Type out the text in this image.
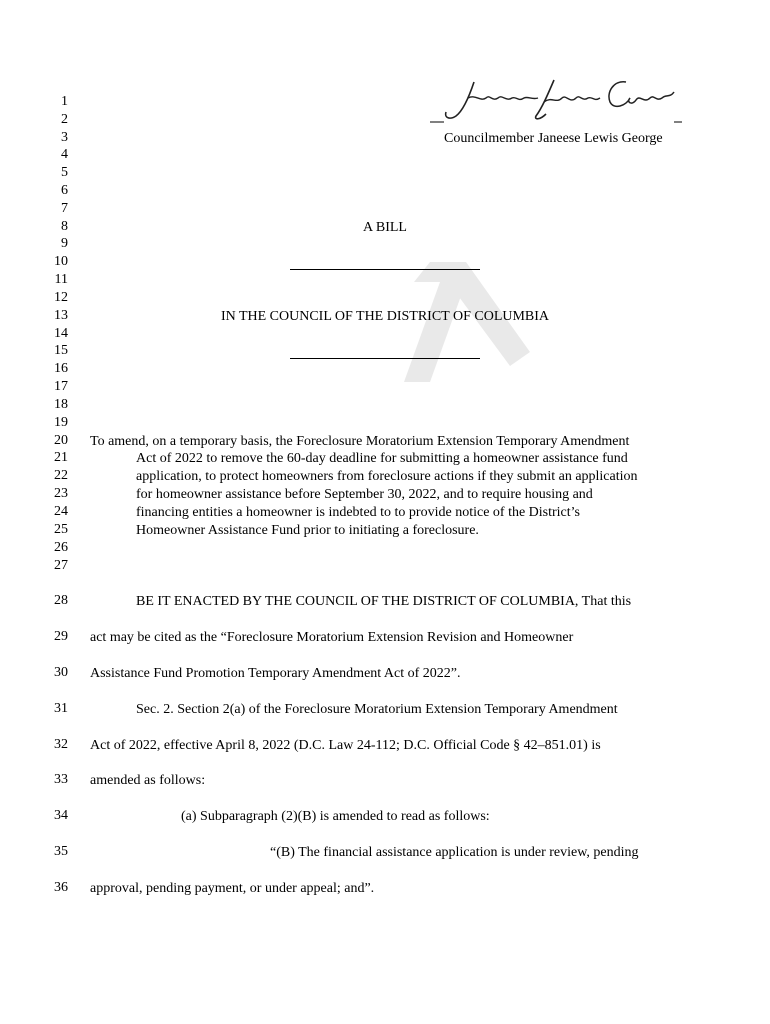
1
2
3
4
5
6
7
8
9
10
11
12
13
14
15
16
17
18
19
20
21
22
23
24
25
26
27
28
29
30
31
32
33
34
35
36
Councilmember Janeese Lewis George
A BILL
IN THE COUNCIL OF THE DISTRICT OF COLUMBIA
To amend, on a temporary basis, the Foreclosure Moratorium Extension Temporary Amendment
Act of 2022 to remove the 60-day deadline for submitting a homeowner assistance fund
application, to protect homeowners from foreclosure actions if they submit an application
for homeowner assistance before September 30, 2022, and to require housing and
financing entities a homeowner is indebted to to provide notice of the District’s
Homeowner Assistance Fund prior to initiating a foreclosure.
BE IT ENACTED BY THE COUNCIL OF THE DISTRICT OF COLUMBIA, That this
act may be cited as the “Foreclosure Moratorium Extension Revision and Homeowner
Assistance Fund Promotion Temporary Amendment Act of 2022”.
Sec. 2. Section 2(a) of the Foreclosure Moratorium Extension Temporary Amendment
Act of 2022, effective April 8, 2022 (D.C. Law 24-112; D.C. Official Code § 42–851.01) is
amended as follows:
(a) Subparagraph (2)(B) is amended to read as follows:
“(B) The financial assistance application is under review, pending
approval, pending payment, or under appeal; and”.
